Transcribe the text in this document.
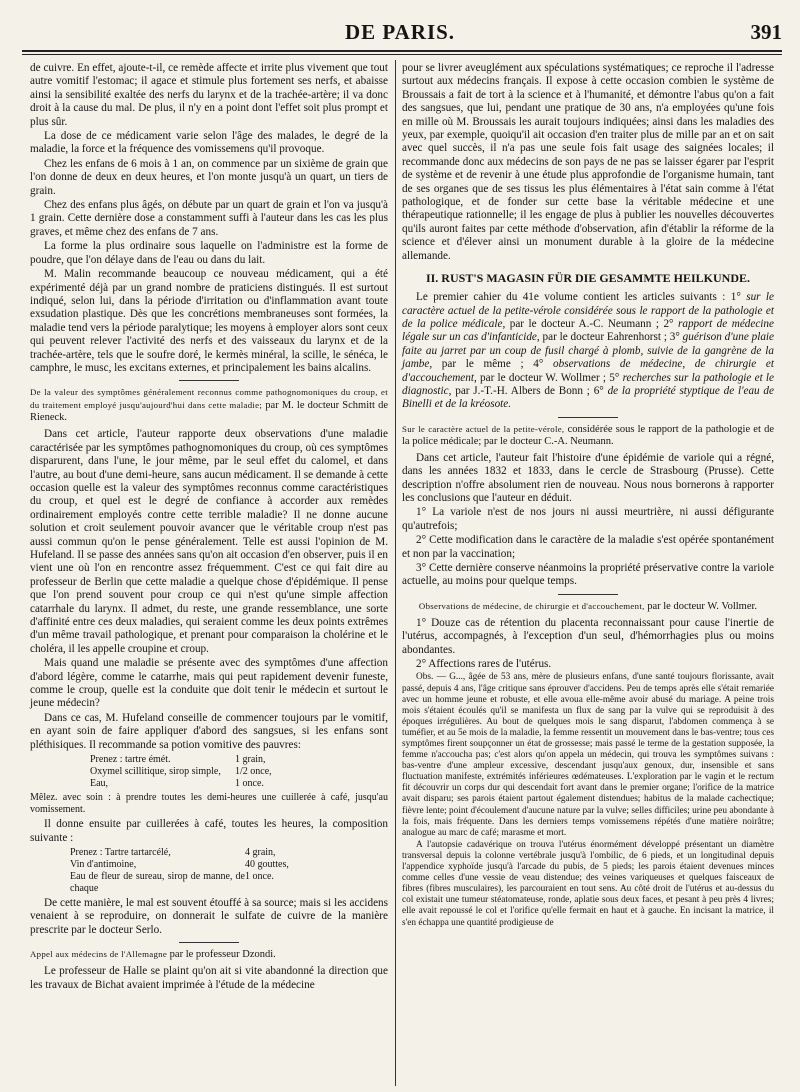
DE PARIS.	391

de cuivre. En effet, ajoute-t-il, ce remède affecte et irrite plus vivement que tout autre vomitif l'estomac; il agace et stimule plus fortement ses nerfs, et abaisse ainsi la sensibilité exaltée des nerfs du larynx et de la trachée-artère; il va donc droit à la cause du mal. De plus, il n'y en a point dont l'effet soit plus prompt et plus sûr.

La dose de ce médicament varie selon l'âge des malades, le degré de la maladie, la force et la fréquence des vomissemens qu'il provoque.

Chez les enfans de 6 mois à 1 an, on commence par un sixième de grain que l'on donne de deux en deux heures, et l'on monte jusqu'à un quart, un tiers de grain.

Chez des enfans plus âgés, on débute par un quart de grain et l'on va jusqu'à 1 grain. Cette dernière dose a constamment suffi à l'auteur dans les cas les plus graves, et même chez des enfans de 7 ans.

La forme la plus ordinaire sous laquelle on l'administre est la forme de poudre, que l'on délaye dans de l'eau ou dans du lait.

M. Malin recommande beaucoup ce nouveau médicament, qui a été expérimenté déjà par un grand nombre de praticiens distingués. Il est surtout indiqué, selon lui, dans la période d'irritation ou d'inflammation avant toute exsudation plastique. Dès que les concrétions membraneuses sont formées, la maladie tend vers la période paralytique; les moyens à employer alors sont ceux qui peuvent relever l'activité des nerfs et des vaisseaux du larynx et de la trachée-artère, tels que le soufre doré, le kermès minéral, la scille, le sénéca, le camphre, le musc, les excitans externes, et principalement les bains alcalins.

De la valeur des symptômes généralement reconnus comme pathognomoniques du croup, et du traitement employé jusqu'aujourd'hui dans cette maladie; par M. le docteur Schmitt de Rieneck.

Dans cet article, l'auteur rapporte deux observations d'une maladie caractérisée par les symptômes pathognomoniques du croup, où ces symptômes disparurent, dans l'une, le jour même, par le seul effet du calomel, et dans l'autre, au bout d'une demi-heure, sans aucun médicament. Il se demande à cette occasion quelle est la valeur des symptômes reconnus comme caractéristiques du croup, et quel est le degré de confiance à accorder aux remèdes ordinairement employés contre cette terrible maladie? Il ne donne aucune solution et croit seulement pouvoir avancer que le véritable croup n'est pas aussi commun qu'on le pense généralement. Telle est aussi l'opinion de M. Hufeland. Il se passe des années sans qu'on ait occasion d'en observer, puis il en vient une où l'on en rencontre assez fréquemment. C'est ce qui fait dire au professeur de Berlin que cette maladie a quelque chose d'épidémique. Il pense que l'on prend souvent pour croup ce qui n'est qu'une simple affection catarrhale du larynx. Il admet, du reste, une grande ressemblance, une sorte d'affinité entre ces deux maladies, qui seraient comme les deux points extrêmes d'un même travail pathologique, et prenant pour comparaison la cholérine et le choléra, il les appelle croupine et croup.

Mais quand une maladie se présente avec des symptômes d'une affection d'abord légère, comme le catarrhe, mais qui peut rapidement devenir funeste, comme le croup, quelle est la conduite que doit tenir le médecin et surtout le jeune médecin?

Dans ce cas, M. Hufeland conseille de commencer toujours par le vomitif, en ayant soin de faire appliquer d'abord des sangsues, si les enfans sont pléthisiques. Il recommande sa potion vomitive des pauvres:

Prenez : tartre émét.	1 grain,
Oxymel scillitique, sirop simple,	1/2 once,
Eau,	1 once.

Mêlez. avec soin : à prendre toutes les demi-heures une cuillerée à café, jusqu'au vomissement.

Il donne ensuite par cuillerées à café, toutes les heures, la composition suivante :

Prenez : Tartre tartarcélé,	4 grain,
Vin d'antimoine,	40 gouttes,
Eau de fleur de sureau, sirop de manne, de chaque
1 once.

De cette manière, le mal est souvent étouffé à sa source; mais si les accidens venaient à se reproduire, on donnerait le sulfate de cuivre de la manière prescrite par le docteur Serlo.

Appel aux médecins de l'Allemagne par le professeur Dzondi.

Le professeur de Halle se plaint qu'on ait si vite abandonné la direction que les travaux de Bichat avaient imprimée à l'étude de la médecine

pour se livrer aveuglément aux spéculations systématiques; ce reproche il l'adresse surtout aux médecins français. Il expose à cette occasion combien le système de Broussais a fait de tort à la science et à l'humanité, et démontre l'abus qu'on a fait des sangsues, que lui, pendant une pratique de 30 ans, n'a employées qu'une fois en mille où M. Broussais les aurait toujours indiquées; ainsi dans les maladies des yeux, par exemple, quoiqu'il ait occasion d'en traiter plus de mille par an et on sait avec quel succès, il n'a pas une seule fois fait usage des saignées locales; il recommande donc aux médecins de son pays de ne pas se laisser égarer par l'esprit de système et de revenir à une étude plus approfondie de l'organisme humain, tant de ses organes que de ses tissus les plus élémentaires à l'état sain comme à l'état pathologique, et de fonder sur cette base la véritable médecine et une thérapeutique rationnelle; il les engage de plus à publier les nouvelles découvertes qu'ils auront faites par cette méthode d'observation, afin d'établir la réforme de la science et d'élever ainsi un monument durable à la gloire de la médecine allemande.

II. RUST'S MAGASIN FÜR DIE GESAMMTE HEILKUNDE.

Le premier cahier du 41e volume contient les articles suivants : 1° sur le caractère actuel de la petite-vérole considérée sous le rapport de la pathologie et de la police médicale, par le docteur A.-C. Neumann ; 2° rapport de médecine légale sur un cas d'infanticide, par le docteur Eahrenhorst ; 3° guérison d'une plaie faite au jarret par un coup de fusil chargé à plomb, suivie de la gangrène de la jambe, par le même ; 4° observations de médecine, de chirurgie et d'accouchement, par le docteur W. Wollmer ; 5° recherches sur la pathologie et le diagnostic, par J.-T.-H. Albers de Bonn ; 6° de la propriété styptique de l'eau de Binelli et de la kréosote.

Sur le caractère actuel de la petite-vérole, considérée sous le rapport de la pathologie et de la police médicale; par le docteur C.-A. Neumann.

Dans cet article, l'auteur fait l'histoire d'une épidémie de variole qui a régné, dans les années 1832 et 1833, dans le cercle de Strasbourg (Prusse). Cette description n'offre absolument rien de nouveau. Nous nous bornerons à rapporter les conclusions que l'auteur en déduit.

1° La variole n'est de nos jours ni aussi meurtrière, ni aussi défigurante qu'autrefois;

2° Cette modification dans le caractère de la maladie s'est opérée spontanément et non par la vaccination;

3° Cette dernière conserve néanmoins la propriété préservative contre la variole actuelle, au moins pour quelque temps.

Observations de médecine, de chirurgie et d'accouchement, par le docteur W. Vollmer.

1° Douze cas de rétention du placenta reconnaissant pour cause l'inertie de l'utérus, accompagnés, à l'exception d'un seul, d'hémorrhagies plus ou moins abondantes.

2° Affections rares de l'utérus.

Obs. — G..., âgée de 53 ans, mère de plusieurs enfans, d'une santé toujours florissante, avait passé, depuis 4 ans, l'âge critique sans éprouver d'accidens. Peu de temps après elle s'était remariée avec un homme jeune et robuste, et elle avoua elle-même avoir abusé du mariage. A peine trois mois s'étaient écoulés qu'il se manifesta un flux de sang par la vulve qui se reproduisit à des époques irrégulières. Au bout de quelques mois le sang disparut, l'abdomen commença à se tuméfier, et au 5e mois de la maladie, la femme ressentit un mouvement dans le bas-ventre; tous ces symptômes firent soupçonner un état de grossesse; mais passé le terme de la gestation supposée, la femme n'accoucha pas; c'est alors qu'on appela un médecin, qui trouva les symptômes suivans : bas-ventre d'une ampleur excessive, descendant jusqu'aux genoux, dur, insensible et sans fluctuation manifeste, extrémités inférieures œdémateuses. L'exploration par le vagin et le rectum fit découvrir un corps dur qui descendait fort avant dans le premier organe; l'orifice de la matrice avait disparu; ses parois étaient partout également distendues; habitus de la malade cachectique; fièvre lente; point d'écoulement d'aucune nature par la vulve; selles difficiles; urine peu abondante à la fois, mais fréquente. Dans les derniers temps vomissemens répétés d'une matière noirâtre; analogue au marc de café; marasme et mort.

A l'autopsie cadavérique on trouva l'utérus énormément développé présentant un diamètre transversal depuis la colonne vertébrale jusqu'à l'ombilic, de 6 pieds, et un longitudinal depuis l'appendice xyphoïde jusqu'à l'arcade du pubis, de 5 pieds; les parois étaient devenues minces comme celles d'une vessie de veau distendue; des veines variqueuses et quelques faisceaux de fibres (fibres musculaires), les parcouraient en tout sens. Au côté droit de l'utérus et au-dessus du col existait une tumeur stéatomateuse, ronde, aplatie sous deux faces, et pesant à peu près 4 livres; elle avait repoussé le col et l'orifice qu'elle fermait en haut et à gauche. En incisant la matrice, il s'en échappa une quantité prodigieuse de
